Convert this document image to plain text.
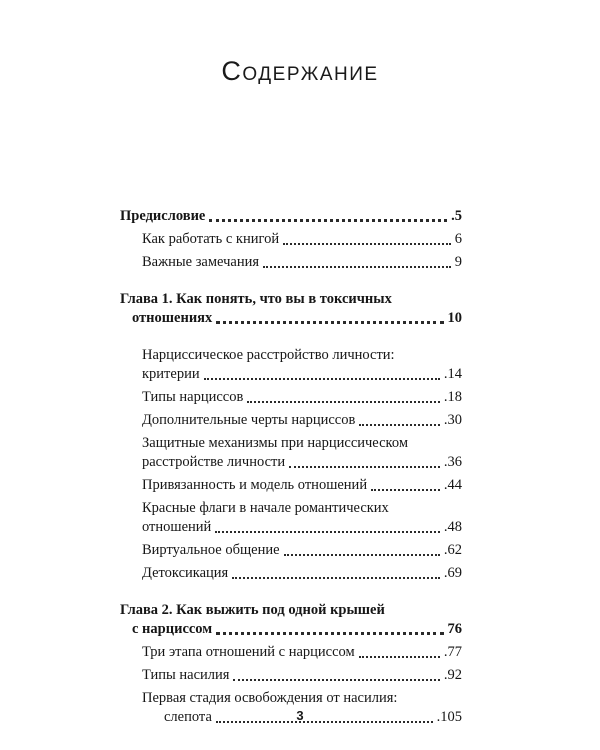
Содержание
Предисловие	.5
Как работать с книгой	6
Важные замечания	9
Глава 1. Как понять, что вы в токсичных
отношениях	10
Нарциссическое расстройство личности:
критерии	.14
Типы нарциссов	.18
Дополнительные черты нарциссов	.30
Защитные механизмы при нарциссическом
расстройстве личности	.36
Привязанность и модель отношений	.44
Красные флаги в начале романтических
отношений	.48
Виртуальное общение	.62
Детоксикация	.69
Глава 2. Как выжить под одной крышей
с нарциссом	76
Три этапа отношений с нарциссом	.77
Типы насилия	.92
Первая стадия освобождения от насилия:
слепота	.105
3
